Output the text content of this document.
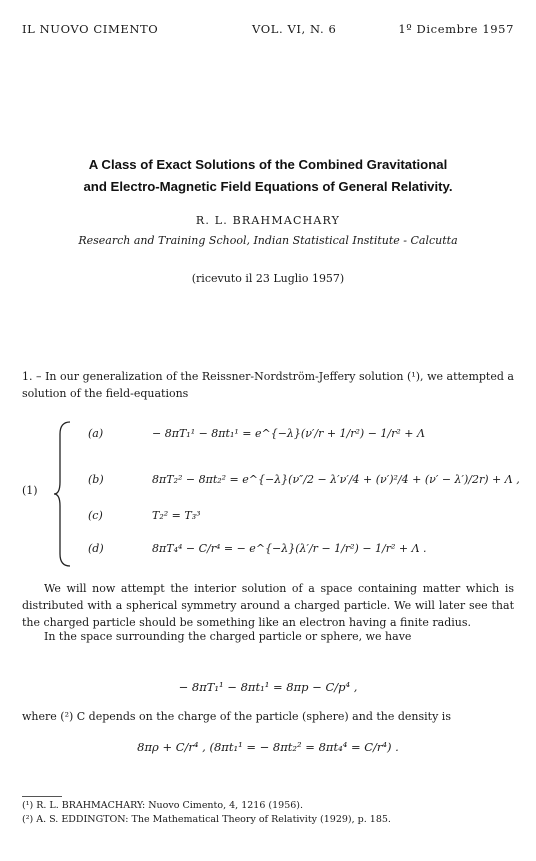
IL NUOVO CIMENTO	VOL. VI, N. 6	1º Dicembre 1957
A Class of Exact Solutions of the Combined Gravitational
and Electro-Magnetic Field Equations of General Relativity.
R. L. BRAHMACHARY
Research and Training School, Indian Statistical Institute - Calcutta
(ricevuto il 23 Luglio 1957)
1. – In our generalization of the Reissner-Nordström-Jeffery solution (¹), we attempted a solution of the field-equations
(1)
(a)	− 8πT₁¹ − 8πt₁¹ = e^{−λ}(ν′/r + 1/r²) − 1/r² + Λ
(b)	8πT₂² − 8πt₂² = e^{−λ}(ν″/2 − λ′ν′/4 + (ν′)²/4 + (ν′ − λ′)/2r) + Λ ,
(c)	T₂² = T₃³
(d)	8πT₄⁴ − C/r⁴ = − e^{−λ}(λ′/r − 1/r²) − 1/r² + Λ .
We will now attempt the interior solution of a space containing matter which is distributed with a spherical symmetry around a charged particle. We will later see that the charged particle should be something like an electron having a finite radius.
In the space surrounding the charged particle or sphere, we have
− 8πT₁¹ − 8πt₁¹ = 8πp − C/p⁴ ,
where (²) C depends on the charge of the particle (sphere) and the density is
8πρ + C/r⁴ , (8πt₁¹ = − 8πt₂² = 8πt₄⁴ = C/r⁴) .
(¹) R. L. BRAHMACHARY: Nuovo Cimento, 4, 1216 (1956).
(²) A. S. EDDINGTON: The Mathematical Theory of Relativity (1929), p. 185.
